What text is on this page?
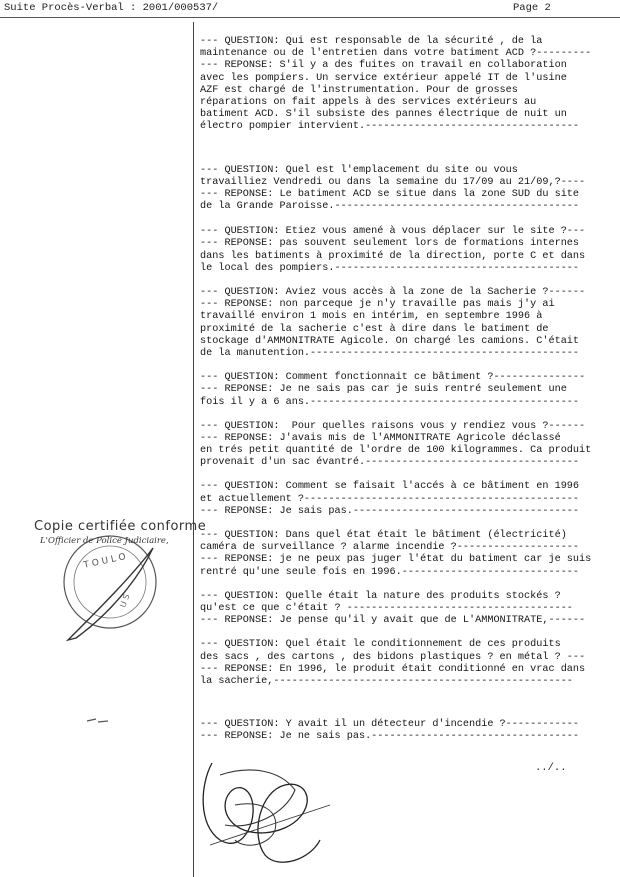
Suite Procès-Verbal : 2001/000537/	Page 2
--- QUESTION: Qui est responsable de la sécurité , de la
maintenance ou de l'entretien dans votre batiment ACD ?---------
--- REPONSE: S'il y a des fuites on travail en collaboration
avec les pompiers. Un service extérieur appelé IT de l'usine
AZF est chargé de l'instrumentation. Pour de grosses
réparations on fait appels à des services extérieurs au
batiment ACD. S'il subsiste des pannes électrique de nuit un
électro pompier intervient.-----------------------------------
--- QUESTION: Quel est l'emplacement du site ou vous
travailliez Vendredi ou dans la semaine du 17/09 au 21/09,?----
--- REPONSE: Le batiment ACD se situe dans la zone SUD du site
de la Grande Paroisse.----------------------------------------
--- QUESTION: Etiez vous amené à vous déplacer sur le site ?---
--- REPONSE: pas souvent seulement lors de formations internes
dans les batiments à proximité de la direction, porte C et dans
le local des pompiers.----------------------------------------
--- QUESTION: Aviez vous accès à la zone de la Sacherie ?------
--- REPONSE: non parceque je n'y travaille pas mais j'y ai
travaillé environ 1 mois en intérim, en septembre 1996 à
proximité de la sacherie c'est à dire dans le batiment de
stockage d'AMMONITRATE Agicole. On chargé les camions. C'était
de la manutention.--------------------------------------------
--- QUESTION: Comment fonctionnait ce bâtiment ?---------------
--- REPONSE: Je ne sais pas car je suis rentré seulement une
fois il y a 6 ans.--------------------------------------------
--- QUESTION:  Pour quelles raisons vous y rendiez vous ?------
--- REPONSE: J'avais mis de l'AMMONITRATE Agricole déclassé
en trés petit quantité de l'ordre de 100 kilogrammes. Ca produit
provenait d'un sac évantré.-----------------------------------
--- QUESTION: Comment se faisait l'accés à ce bâtiment en 1996
et actuellement ?---------------------------------------------
--- REPONSE: Je sais pas.-------------------------------------
--- QUESTION: Dans quel état était le bâtiment (électricité)
caméra de surveillance ? alarme incendie ?--------------------
--- REPONSE: je ne peux pas juger l'état du batiment car je suis
rentré qu'une seule fois en 1996.-----------------------------
--- QUESTION: Quelle était la nature des produits stockés ?
qu'est ce que c'était ? -------------------------------------
--- REPONSE: Je pense qu'il y avait que de L'AMMONITRATE,------
--- QUESTION: Quel était le conditionnement de ces produits
des sacs , des cartons , des bidons plastiques ? en métal ? ---
--- REPONSE: En 1996, le produit était conditionné en vrac dans
la sacherie,-------------------------------------------------
--- QUESTION: Y avait il un détecteur d'incendie ?------------
--- REPONSE: Je ne sais pas.----------------------------------
../..
T O U L O
U S
Copie certifiée conforme
L'Officier de Police Judiciaire,
